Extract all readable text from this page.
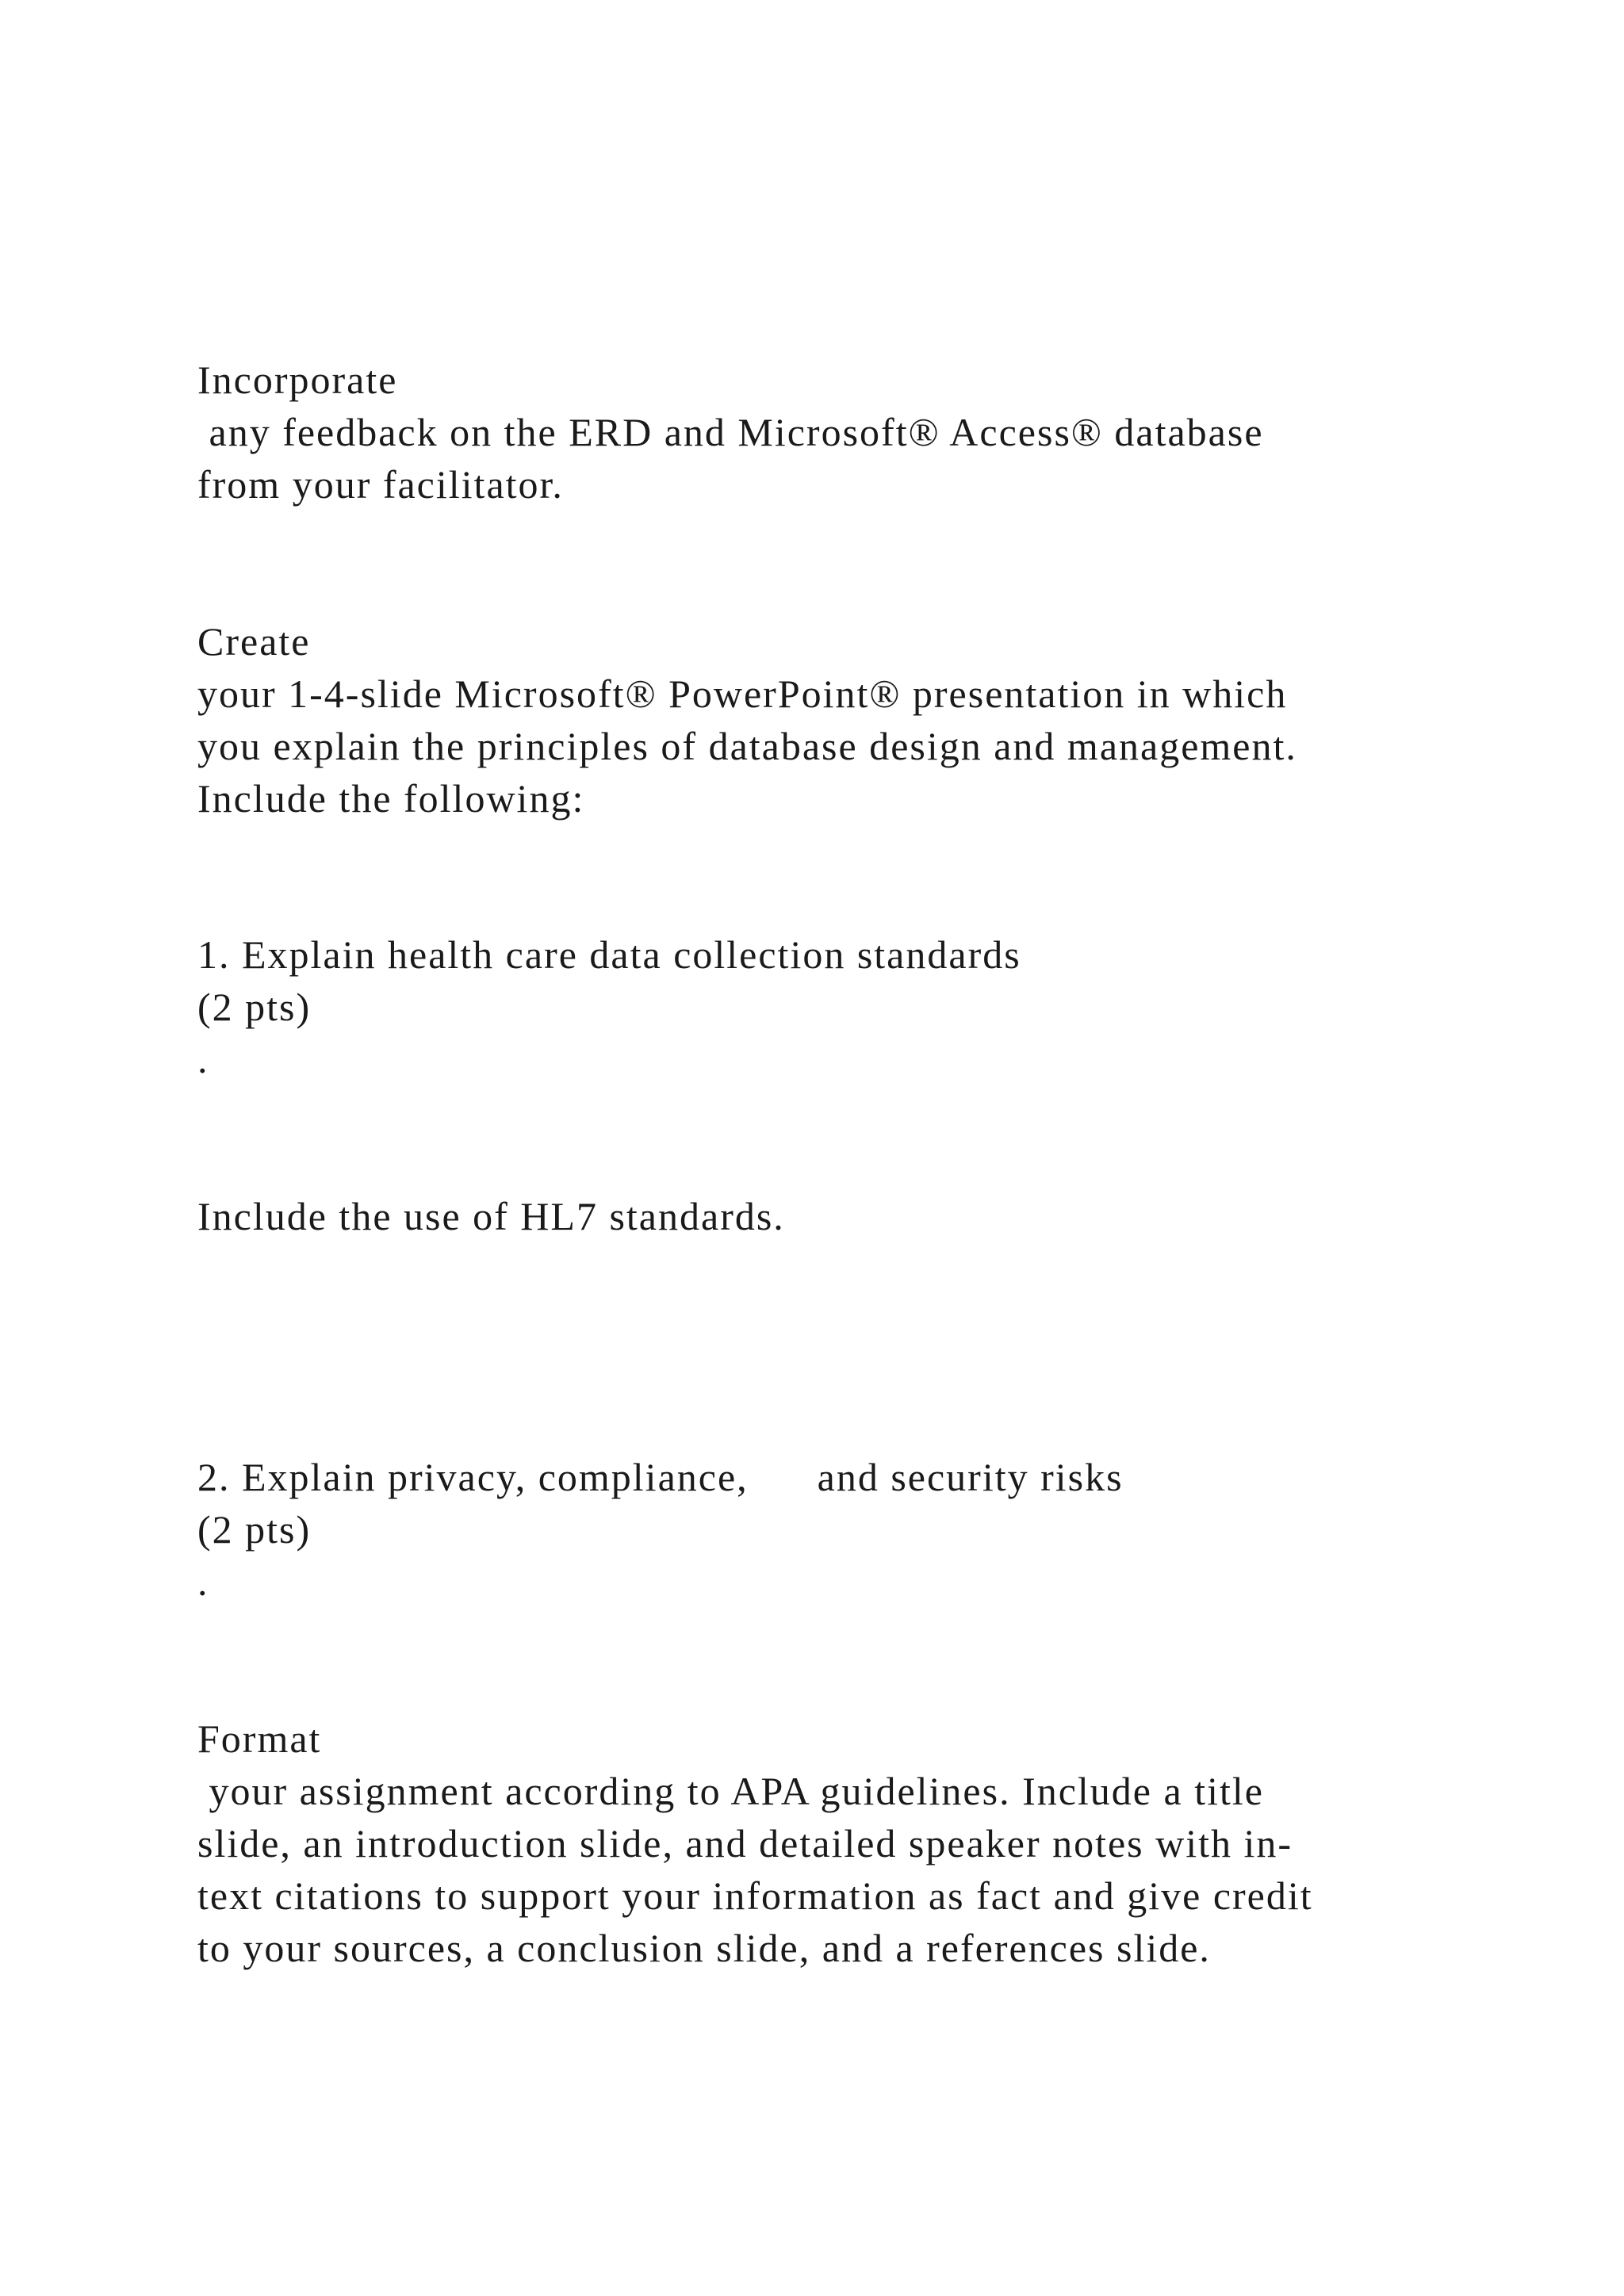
Incorporate
any feedback on the ERD and Microsoft® Access® database
from your facilitator.
Create
your 1-4-slide Microsoft® PowerPoint® presentation in which
you explain the principles of database design and management.
Include the following:
1. Explain health care data collection standards
(2 pts)
.
Include the use of HL7 standards.
2. Explain privacy, compliance,      and security risks
(2 pts)
.
Format
your assignment according to APA guidelines. Include a title
slide, an introduction slide, and detailed speaker notes with in-
text citations to support your information as fact and give credit
to your sources, a conclusion slide, and a references slide.
